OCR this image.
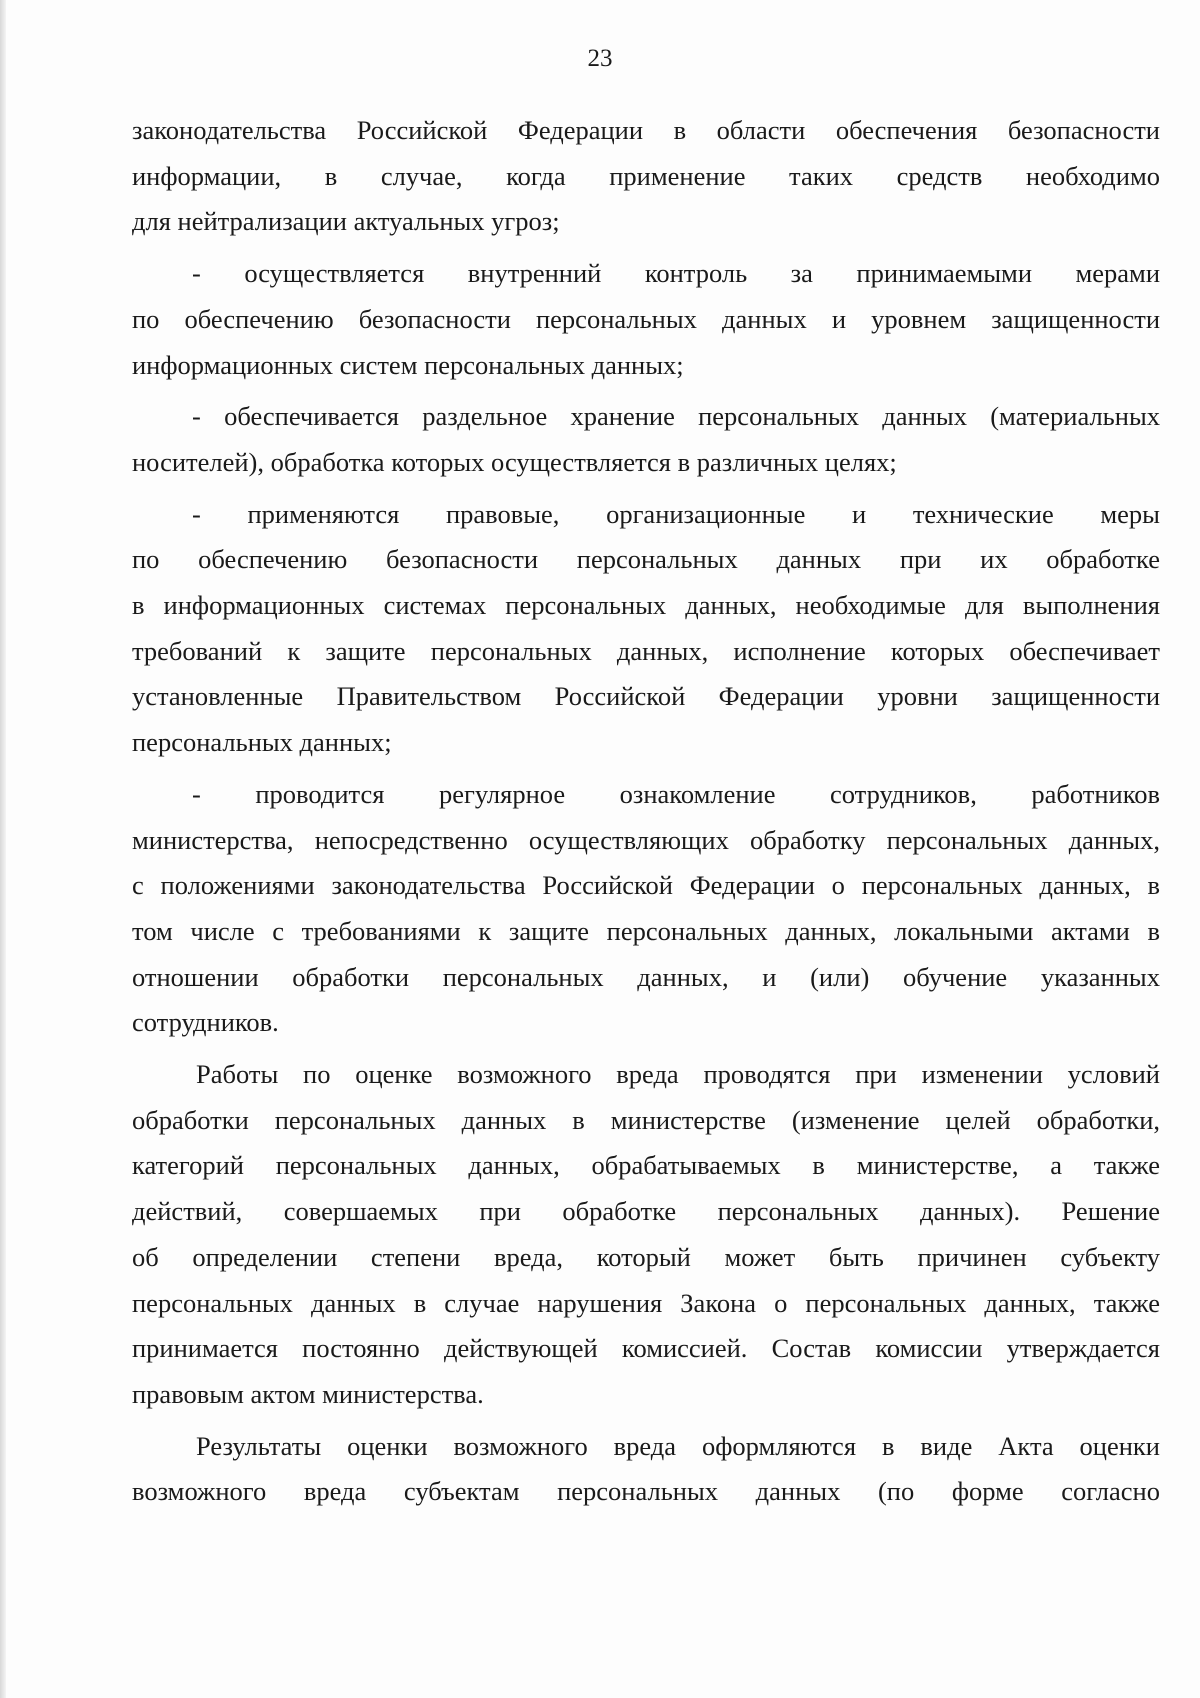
23
законодательства Российской Федерации в области обеспечения безопасности
информации, в случае, когда применение таких средств необходимо
для нейтрализации актуальных угроз;
- осуществляется внутренний контроль за принимаемыми мерами
по обеспечению безопасности персональных данных и уровнем защищенности
информационных систем персональных данных;
- обеспечивается раздельное хранение персональных данных (материальных
носителей), обработка которых осуществляется в различных целях;
- применяются правовые, организационные и технические меры
по обеспечению безопасности персональных данных при их обработке
в информационных системах персональных данных, необходимые для выполнения
требований к защите персональных данных, исполнение которых обеспечивает
установленные Правительством Российской Федерации уровни защищенности
персональных данных;
- проводится регулярное ознакомление сотрудников, работников
министерства, непосредственно осуществляющих обработку персональных данных,
с положениями законодательства Российской Федерации о персональных данных, в
том числе с требованиями к защите персональных данных, локальными актами в
отношении обработки персональных данных, и (или) обучение указанных
сотрудников.
Работы по оценке возможного вреда проводятся при изменении условий
обработки персональных данных в министерстве (изменение целей обработки,
категорий персональных данных, обрабатываемых в министерстве, а также
действий, совершаемых при обработке персональных данных). Решение
об определении степени вреда, который может быть причинен субъекту
персональных данных в случае нарушения Закона о персональных данных, также
принимается постоянно действующей комиссией. Состав комиссии утверждается
правовым актом министерства.
Результаты оценки возможного вреда оформляются в виде Акта оценки
возможного вреда субъектам персональных данных (по форме согласно
